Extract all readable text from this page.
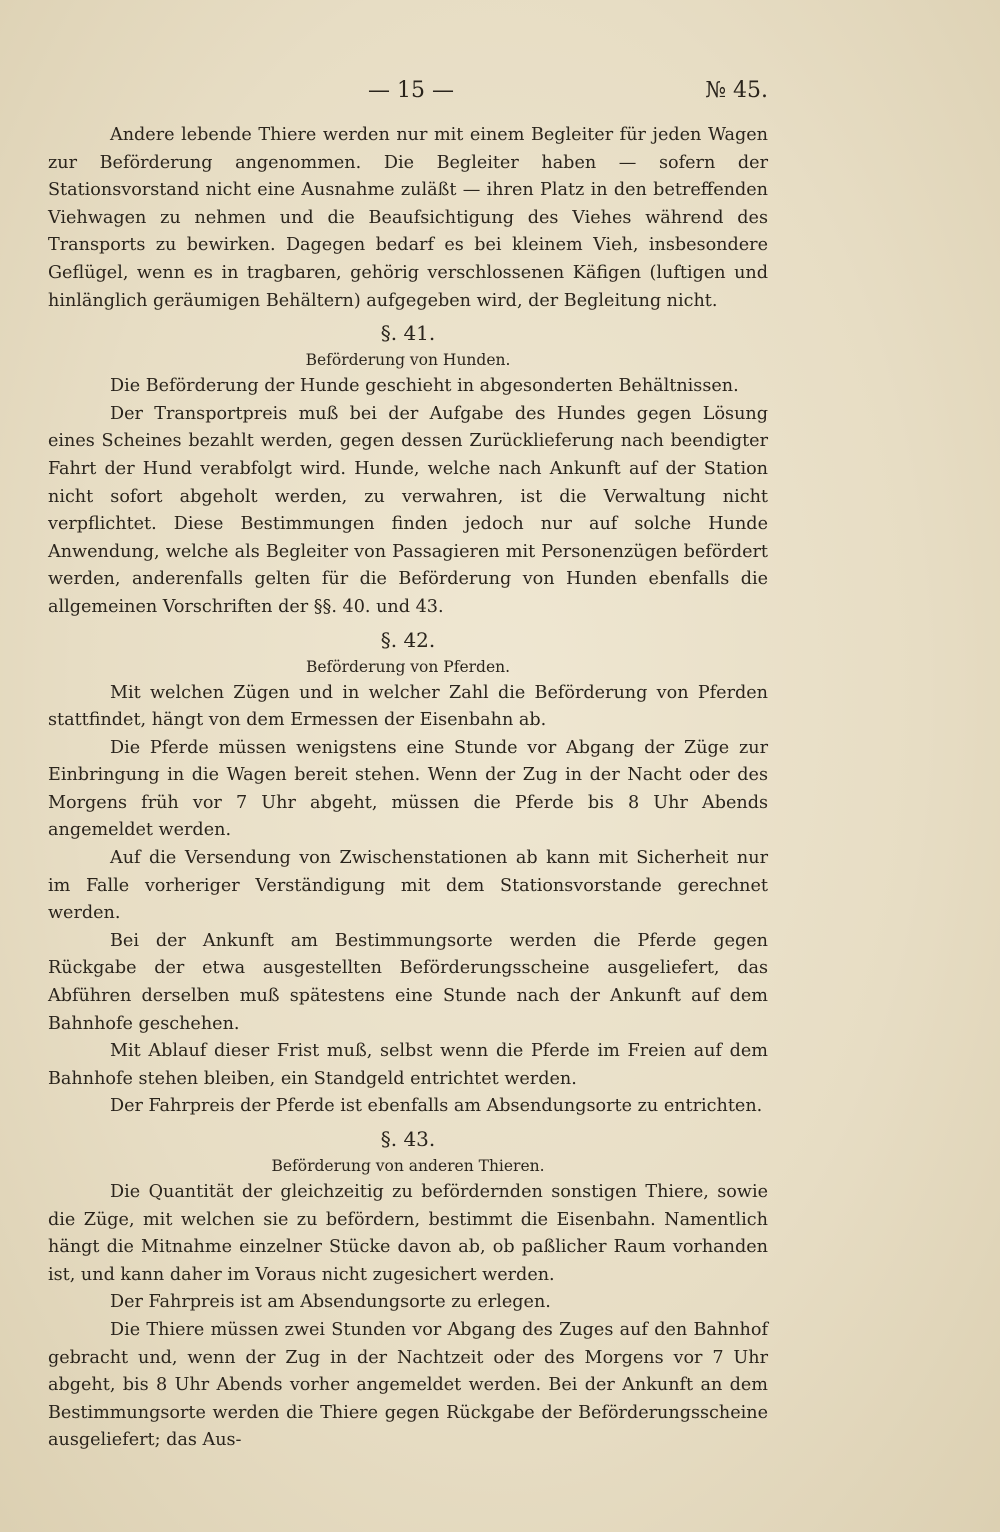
— 15 —	№ 45.

Andere lebende Thiere werden nur mit einem Begleiter für jeden Wagen zur Beförderung angenommen. Die Begleiter haben — sofern der Stationsvorstand nicht eine Ausnahme zuläßt — ihren Platz in den betreffenden Viehwagen zu nehmen und die Beaufsichtigung des Viehes während des Transports zu bewirken. Dagegen bedarf es bei kleinem Vieh, insbesondere Geflügel, wenn es in tragbaren, gehörig verschlossenen Käfigen (luftigen und hinlänglich geräumigen Behältern) aufgegeben wird, der Begleitung nicht.

§. 41.
Beförderung von Hunden.

Die Beförderung der Hunde geschieht in abgesonderten Behältnissen.

Der Transportpreis muß bei der Aufgabe des Hundes gegen Lösung eines Scheines bezahlt werden, gegen dessen Zurücklieferung nach beendigter Fahrt der Hund verabfolgt wird. Hunde, welche nach Ankunft auf der Station nicht sofort abgeholt werden, zu verwahren, ist die Verwaltung nicht verpflichtet. Diese Bestimmungen finden jedoch nur auf solche Hunde Anwendung, welche als Begleiter von Passagieren mit Personenzügen befördert werden, anderenfalls gelten für die Beförderung von Hunden ebenfalls die allgemeinen Vorschriften der §§. 40. und 43.

§. 42.
Beförderung von Pferden.

Mit welchen Zügen und in welcher Zahl die Beförderung von Pferden stattfindet, hängt von dem Ermessen der Eisenbahn ab.

Die Pferde müssen wenigstens eine Stunde vor Abgang der Züge zur Einbringung in die Wagen bereit stehen. Wenn der Zug in der Nacht oder des Morgens früh vor 7 Uhr abgeht, müssen die Pferde bis 8 Uhr Abends angemeldet werden.

Auf die Versendung von Zwischenstationen ab kann mit Sicherheit nur im Falle vorheriger Verständigung mit dem Stationsvorstande gerechnet werden.

Bei der Ankunft am Bestimmungsorte werden die Pferde gegen Rückgabe der etwa ausgestellten Beförderungsscheine ausgeliefert, das Abführen derselben muß spätestens eine Stunde nach der Ankunft auf dem Bahnhofe geschehen.

Mit Ablauf dieser Frist muß, selbst wenn die Pferde im Freien auf dem Bahnhofe stehen bleiben, ein Standgeld entrichtet werden.

Der Fahrpreis der Pferde ist ebenfalls am Absendungsorte zu entrichten.

§. 43.
Beförderung von anderen Thieren.

Die Quantität der gleichzeitig zu befördernden sonstigen Thiere, sowie die Züge, mit welchen sie zu befördern, bestimmt die Eisenbahn. Namentlich hängt die Mitnahme einzelner Stücke davon ab, ob paßlicher Raum vorhanden ist, und kann daher im Voraus nicht zugesichert werden.

Der Fahrpreis ist am Absendungsorte zu erlegen.

Die Thiere müssen zwei Stunden vor Abgang des Zuges auf den Bahnhof gebracht und, wenn der Zug in der Nachtzeit oder des Morgens vor 7 Uhr abgeht, bis 8 Uhr Abends vorher angemeldet werden. Bei der Ankunft an dem Bestimmungsorte werden die Thiere gegen Rückgabe der Beförderungsscheine ausgeliefert; das Aus-
